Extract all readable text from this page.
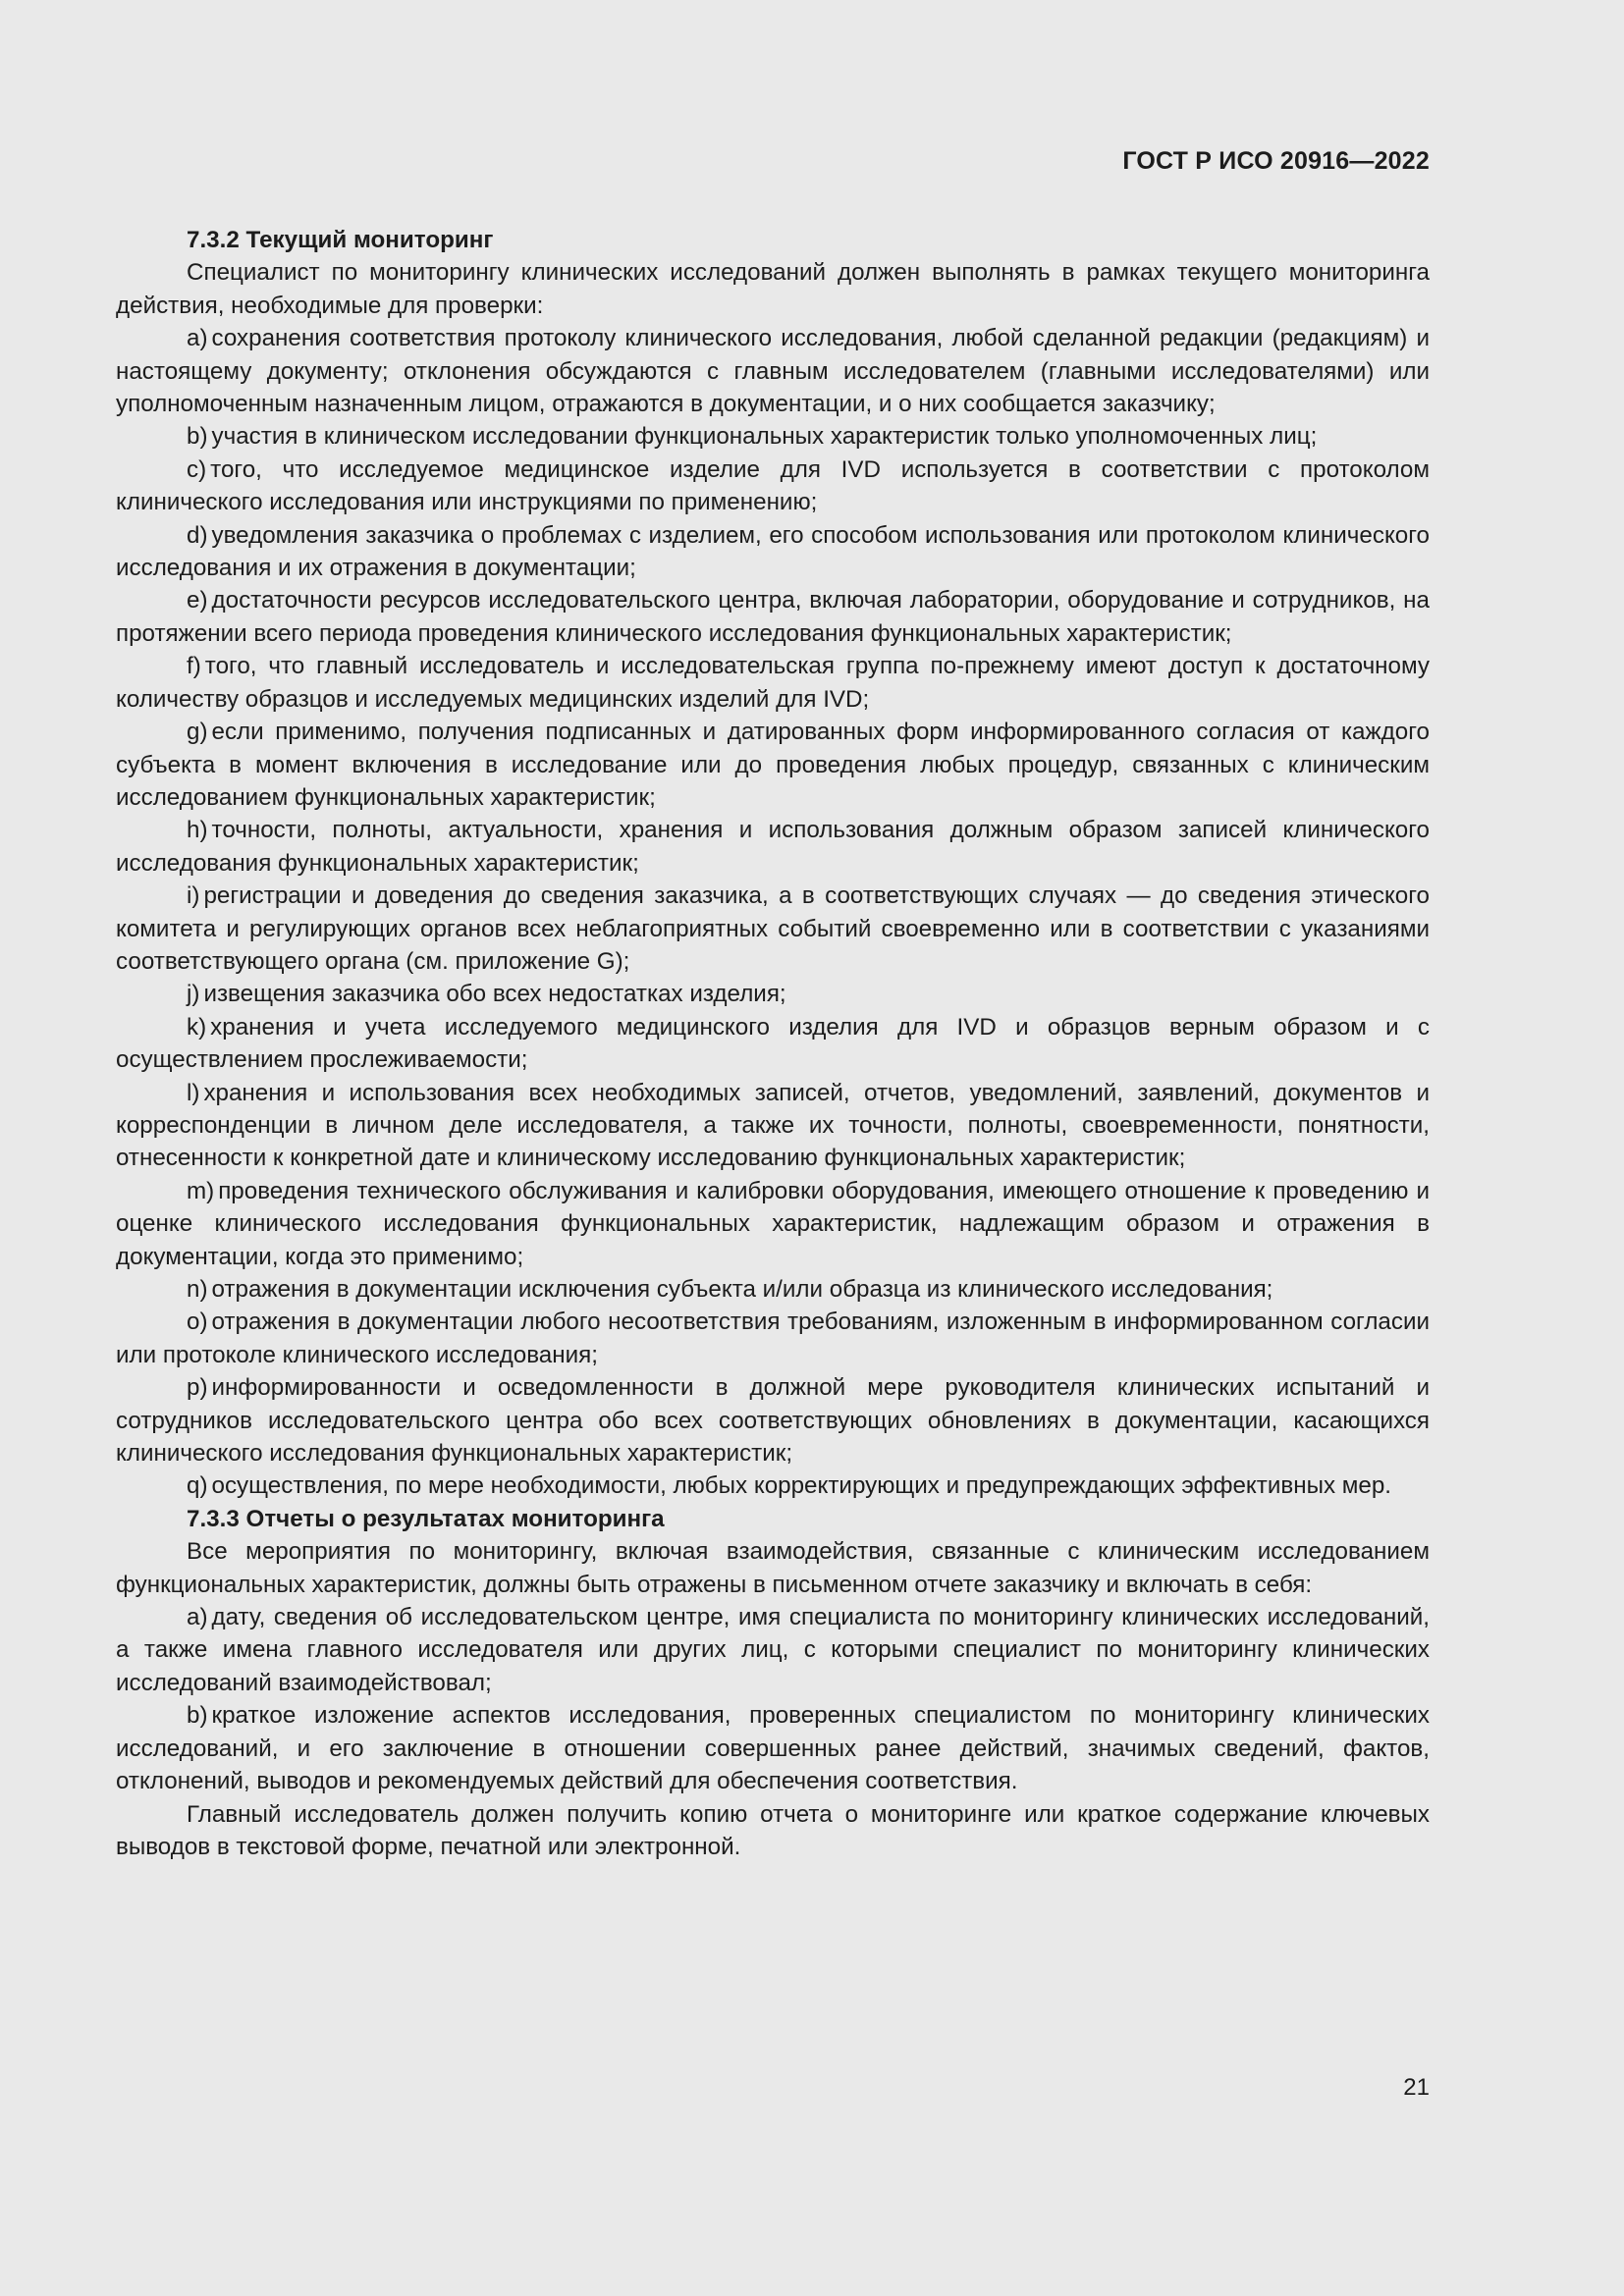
ГОСТ Р ИСО 20916—2022

7.3.2 Текущий мониторинг

Специалист по мониторингу клинических исследований должен выполнять в рамках текущего мониторинга действия, необходимые для проверки:

a) сохранения соответствия протоколу клинического исследования, любой сделанной редакции (редакциям) и настоящему документу; отклонения обсуждаются с главным исследователем (главными исследователями) или уполномоченным назначенным лицом, отражаются в документации, и о них сообщается заказчику;

b) участия в клиническом исследовании функциональных характеристик только уполномоченных лиц;

c) того, что исследуемое медицинское изделие для IVD используется в соответствии с протоколом клинического исследования или инструкциями по применению;

d) уведомления заказчика о проблемах с изделием, его способом использования или протоколом клинического исследования и их отражения в документации;

e) достаточности ресурсов исследовательского центра, включая лаборатории, оборудование и сотрудников, на протяжении всего периода проведения клинического исследования функциональных характеристик;

f) того, что главный исследователь и исследовательская группа по-прежнему имеют доступ к достаточному количеству образцов и исследуемых медицинских изделий для IVD;

g) если применимо, получения подписанных и датированных форм информированного согласия от каждого субъекта в момент включения в исследование или до проведения любых процедур, связанных с клиническим исследованием функциональных характеристик;

h) точности, полноты, актуальности, хранения и использования должным образом записей клинического исследования функциональных характеристик;

i) регистрации и доведения до сведения заказчика, а в соответствующих случаях — до сведения этического комитета и регулирующих органов всех неблагоприятных событий своевременно или в соответствии с указаниями соответствующего органа (см. приложение G);

j) извещения заказчика обо всех недостатках изделия;

k) хранения и учета исследуемого медицинского изделия для IVD и образцов верным образом и с осуществлением прослеживаемости;

l) хранения и использования всех необходимых записей, отчетов, уведомлений, заявлений, документов и корреспонденции в личном деле исследователя, а также их точности, полноты, своевременности, понятности, отнесенности к конкретной дате и клиническому исследованию функциональных характеристик;

m) проведения технического обслуживания и калибровки оборудования, имеющего отношение к проведению и оценке клинического исследования функциональных характеристик, надлежащим образом и отражения в документации, когда это применимо;

n) отражения в документации исключения субъекта и/или образца из клинического исследования;

o) отражения в документации любого несоответствия требованиям, изложенным в информированном согласии или протоколе клинического исследования;

p) информированности и осведомленности в должной мере руководителя клинических испытаний и сотрудников исследовательского центра обо всех соответствующих обновлениях в документации, касающихся клинического исследования функциональных характеристик;

q) осуществления, по мере необходимости, любых корректирующих и предупреждающих эффективных мер.

7.3.3 Отчеты о результатах мониторинга

Все мероприятия по мониторингу, включая взаимодействия, связанные с клиническим исследованием функциональных характеристик, должны быть отражены в письменном отчете заказчику и включать в себя:

a) дату, сведения об исследовательском центре, имя специалиста по мониторингу клинических исследований, а также имена главного исследователя или других лиц, с которыми специалист по мониторингу клинических исследований взаимодействовал;

b) краткое изложение аспектов исследования, проверенных специалистом по мониторингу клинических исследований, и его заключение в отношении совершенных ранее действий, значимых сведений, фактов, отклонений, выводов и рекомендуемых действий для обеспечения соответствия.

Главный исследователь должен получить копию отчета о мониторинге или краткое содержание ключевых выводов в текстовой форме, печатной или электронной.

21
